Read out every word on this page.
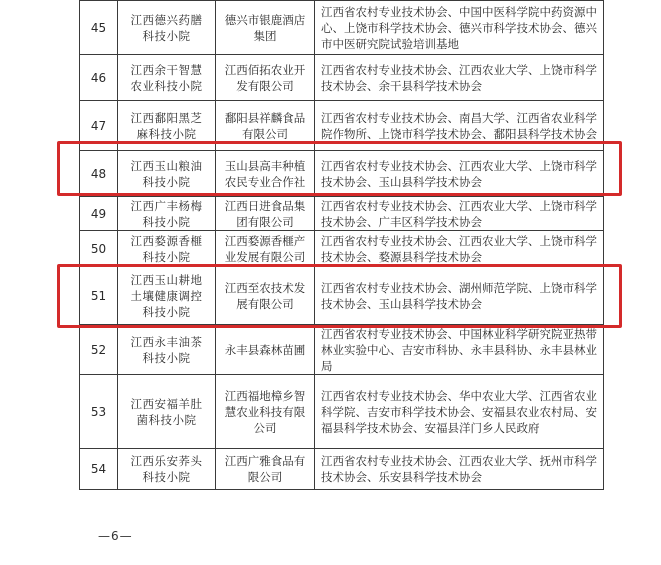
45	江西德兴药膳科技小院	德兴市银鹿酒店集团	江西省农村专业技术协会、中国中医科学院中药资源中心、上饶市科学技术协会、德兴市科学技术协会、德兴市中医研究院试验培训基地
46	江西余干智慧农业科技小院	江西佰拓农业开发有限公司	江西省农村专业技术协会、江西农业大学、上饶市科学技术协会、余干县科学技术协会
47	江西鄱阳黑芝麻科技小院	鄱阳县祥麟食品有限公司	江西省农村专业技术协会、南昌大学、江西省农业科学院作物所、上饶市科学技术协会、鄱阳县科学技术协会
48	江西玉山粮油科技小院	玉山县高丰种植农民专业合作社	江西省农村专业技术协会、江西农业大学、上饶市科学技术协会、玉山县科学技术协会
49	江西广丰杨梅科技小院	江西日进食品集团有限公司	江西省农村专业技术协会、江西农业大学、上饶市科学技术协会、广丰区科学技术协会
50	江西婺源香榧科技小院	江西婺源香榧产业发展有限公司	江西省农村专业技术协会、江西农业大学、上饶市科学技术协会、婺源县科学技术协会
51	江西玉山耕地土壤健康调控科技小院	江西至农技术发展有限公司	江西省农村专业技术协会、湖州师范学院、上饶市科学技术协会、玉山县科学技术协会
52	江西永丰油茶科技小院	永丰县森林苗圃	江西省农村专业技术协会、中国林业科学研究院亚热带林业实验中心、吉安市科协、永丰县科协、永丰县林业局
53	江西安福羊肚菌科技小院	江西福地樟乡智慧农业科技有限公司	江西省农村专业技术协会、华中农业大学、江西省农业科学院、吉安市科学技术协会、安福县农业农村局、安福县科学技术协会、安福县洋门乡人民政府
54	江西乐安荞头科技小院	江西广雅食品有限公司	江西省农村专业技术协会、江西农业大学、抚州市科学技术协会、乐安县科学技术协会
—6—
